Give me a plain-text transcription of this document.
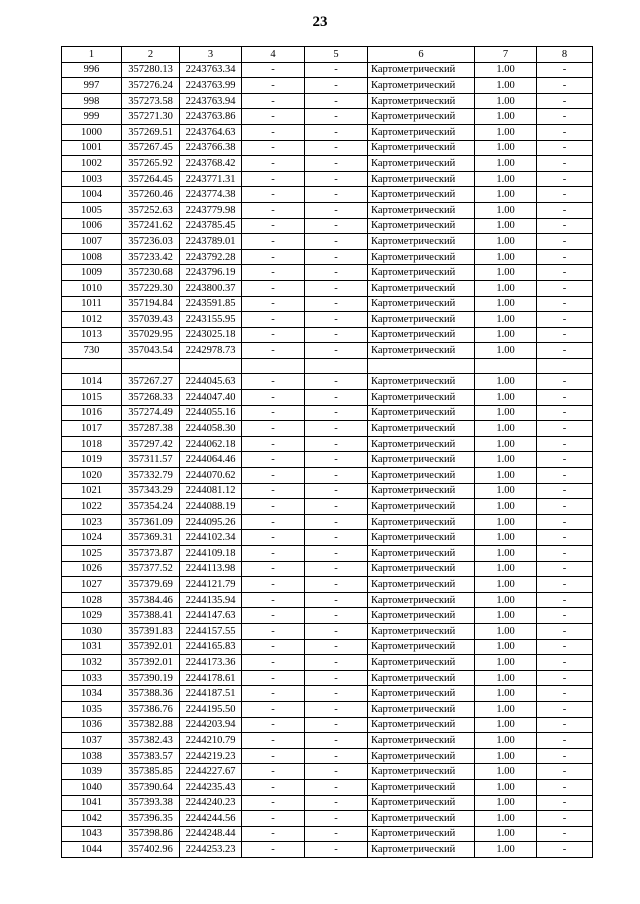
23
1	2	3	4	5	6	7	8
996	357280.13	2243763.34	-	-	Картометрический	1.00	-
997	357276.24	2243763.99	-	-	Картометрический	1.00	-
998	357273.58	2243763.94	-	-	Картометрический	1.00	-
999	357271.30	2243763.86	-	-	Картометрический	1.00	-
1000	357269.51	2243764.63	-	-	Картометрический	1.00	-
1001	357267.45	2243766.38	-	-	Картометрический	1.00	-
1002	357265.92	2243768.42	-	-	Картометрический	1.00	-
1003	357264.45	2243771.31	-	-	Картометрический	1.00	-
1004	357260.46	2243774.38	-	-	Картометрический	1.00	-
1005	357252.63	2243779.98	-	-	Картометрический	1.00	-
1006	357241.62	2243785.45	-	-	Картометрический	1.00	-
1007	357236.03	2243789.01	-	-	Картометрический	1.00	-
1008	357233.42	2243792.28	-	-	Картометрический	1.00	-
1009	357230.68	2243796.19	-	-	Картометрический	1.00	-
1010	357229.30	2243800.37	-	-	Картометрический	1.00	-
1011	357194.84	2243591.85	-	-	Картометрический	1.00	-
1012	357039.43	2243155.95	-	-	Картометрический	1.00	-
1013	357029.95	2243025.18	-	-	Картометрический	1.00	-
730	357043.54	2242978.73	-	-	Картометрический	1.00	-

1014	357267.27	2244045.63	-	-	Картометрический	1.00	-
1015	357268.33	2244047.40	-	-	Картометрический	1.00	-
1016	357274.49	2244055.16	-	-	Картометрический	1.00	-
1017	357287.38	2244058.30	-	-	Картометрический	1.00	-
1018	357297.42	2244062.18	-	-	Картометрический	1.00	-
1019	357311.57	2244064.46	-	-	Картометрический	1.00	-
1020	357332.79	2244070.62	-	-	Картометрический	1.00	-
1021	357343.29	2244081.12	-	-	Картометрический	1.00	-
1022	357354.24	2244088.19	-	-	Картометрический	1.00	-
1023	357361.09	2244095.26	-	-	Картометрический	1.00	-
1024	357369.31	2244102.34	-	-	Картометрический	1.00	-
1025	357373.87	2244109.18	-	-	Картометрический	1.00	-
1026	357377.52	2244113.98	-	-	Картометрический	1.00	-
1027	357379.69	2244121.79	-	-	Картометрический	1.00	-
1028	357384.46	2244135.94	-	-	Картометрический	1.00	-
1029	357388.41	2244147.63	-	-	Картометрический	1.00	-
1030	357391.83	2244157.55	-	-	Картометрический	1.00	-
1031	357392.01	2244165.83	-	-	Картометрический	1.00	-
1032	357392.01	2244173.36	-	-	Картометрический	1.00	-
1033	357390.19	2244178.61	-	-	Картометрический	1.00	-
1034	357388.36	2244187.51	-	-	Картометрический	1.00	-
1035	357386.76	2244195.50	-	-	Картометрический	1.00	-
1036	357382.88	2244203.94	-	-	Картометрический	1.00	-
1037	357382.43	2244210.79	-	-	Картометрический	1.00	-
1038	357383.57	2244219.23	-	-	Картометрический	1.00	-
1039	357385.85	2244227.67	-	-	Картометрический	1.00	-
1040	357390.64	2244235.43	-	-	Картометрический	1.00	-
1041	357393.38	2244240.23	-	-	Картометрический	1.00	-
1042	357396.35	2244244.56	-	-	Картометрический	1.00	-
1043	357398.86	2244248.44	-	-	Картометрический	1.00	-
1044	357402.96	2244253.23	-	-	Картометрический	1.00	-
